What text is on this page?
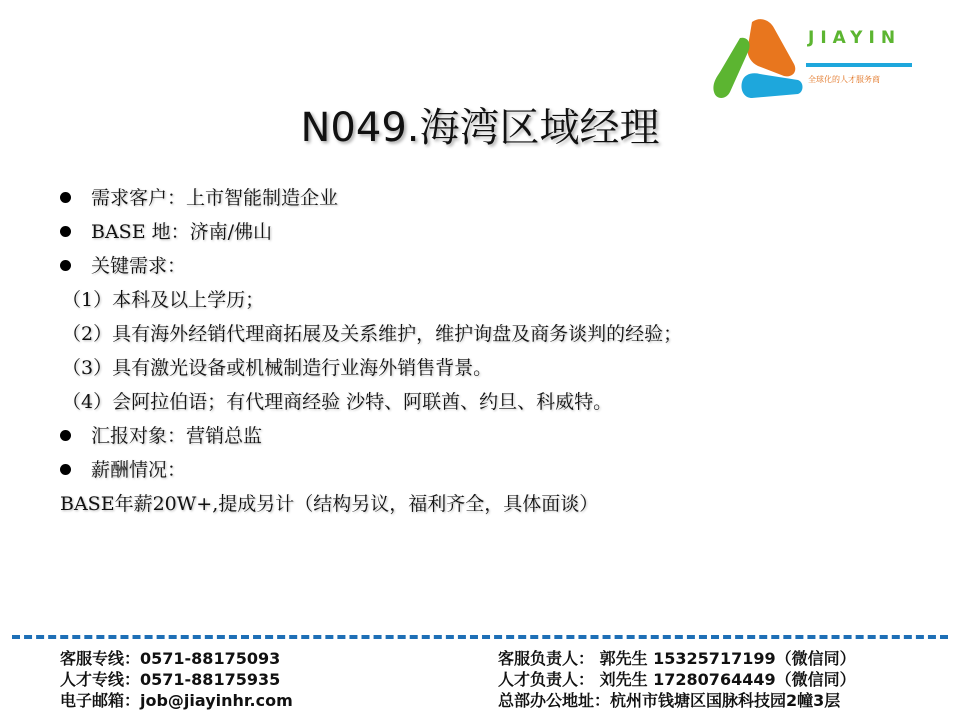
JIAYIN
全球化的人才服务商
N049.海湾区域经理
需求客户：上市智能制造企业
BASE 地：济南/佛山
关键需求：
（1）本科及以上学历；
（2）具有海外经销代理商拓展及关系维护，维护询盘及商务谈判的经验；
（3）具有激光设备或机械制造行业海外销售背景。
（4）会阿拉伯语；有代理商经验 沙特、阿联酋、约旦、科威特。
汇报对象：营销总监
薪酬情况：
BASE年薪20W+,提成另计（结构另议，福利齐全，具体面谈）
客服专线：0571-88175093
人才专线：0571-88175935
电子邮箱：job@jiayinhr.com
客服负责人： 郭先生 15325717199（微信同）
人才负责人： 刘先生 17280764449（微信同）
总部办公地址：杭州市钱塘区国脉科技园2幢3层
